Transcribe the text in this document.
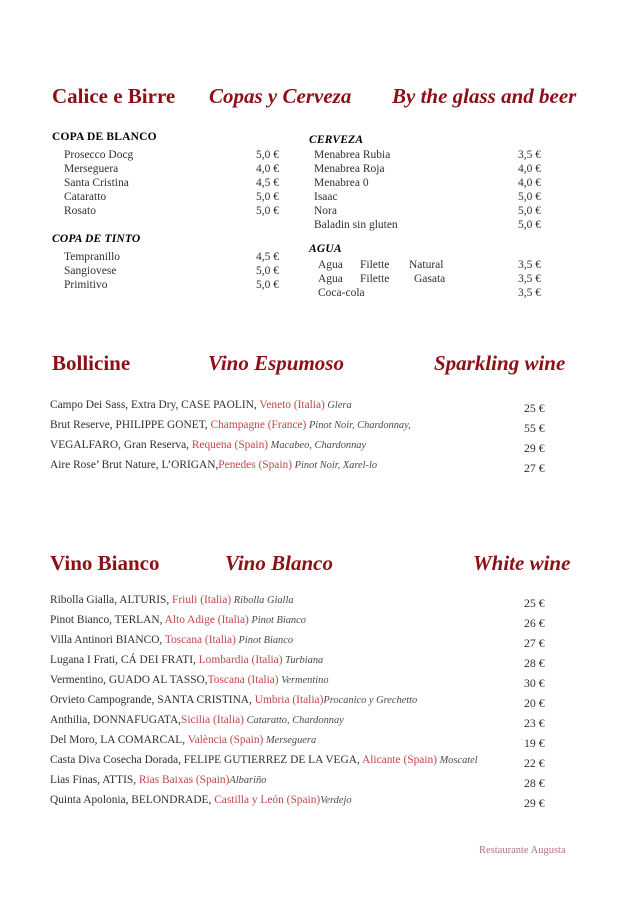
Calice e Birre Copas y Cerveza By the glass and beer
COPA DE BLANCO
Prosecco Docg	5,0 €
Merseguera	4,0 €
Santa Cristina	4,5 €
Cataratto	5,0 €
Rosato	5,0 €
COPA DE TINTO
Tempranillo	4,5 €
Sangiovese	5,0 €
Primitivo	5,0 €
CERVEZA
Menabrea Rubia	3,5 €
Menabrea Roja	4,0 €
Menabrea 0	4,0 €
Isaac	5,0 €
Nora	5,0 €
Baladin sin gluten	5,0 €
AGUA
Agua Filette Natural	3,5 €
Agua Filette Gasata	3,5 €
Coca-cola	3,5 €
Bollicine	Vino Espumoso	Sparkling wine
Campo Dei Sass, Extra Dry, CASE PAOLIN, Veneto (Italia) Glera	25 €
Brut Reserve, PHILIPPE GONET, Champagne (France) Pinot Noir, Chardonnay,	55 €
VEGALFARO, Gran Reserva, Requena (Spain) Macabeo, Chardonnay	29 €
Aire Rose’ Brut Nature, L’ORIGAN,Penedes (Spain) Pinot Noir, Xarel-lo	27 €
Vino Bianco	Vino Blanco	White wine
Ribolla Gialla, ALTURIS, Friuli (Italia) Ribolla Gialla	25 €
Pinot Bianco, TERLAN, Alto Adige (Italia) Pinot Bianco	26 €
Villa Antinori BIANCO, Toscana (Italia) Pinot Bianco	27 €
Lugana I Frati, CÁ DEI FRATI, Lombardia (Italia) Turbiana	28 €
Vermentino, GUADO AL TASSO,Toscana (Italia) Vermentino	30 €
Orvieto Campogrande, SANTA CRISTINA, Umbria (Italia)Procanico y Grechetto	20 €
Anthilia, DONNAFUGATA,Sicilia (Italia) Cataratto, Chardonnay	23 €
Del Moro, LA COMARCAL, València (Spain) Merseguera	19 €
Casta Diva Cosecha Dorada, FELIPE GUTIERREZ DE LA VEGA, Alicante (Spain) Moscatel	22 €
Lias Finas, ATTIS, Rias Baixas (Spain)Albariño	28 €
Quinta Apolonia, BELONDRADE, Castilla y León (Spain)Verdejo	29 €
Restaurante Augusta
